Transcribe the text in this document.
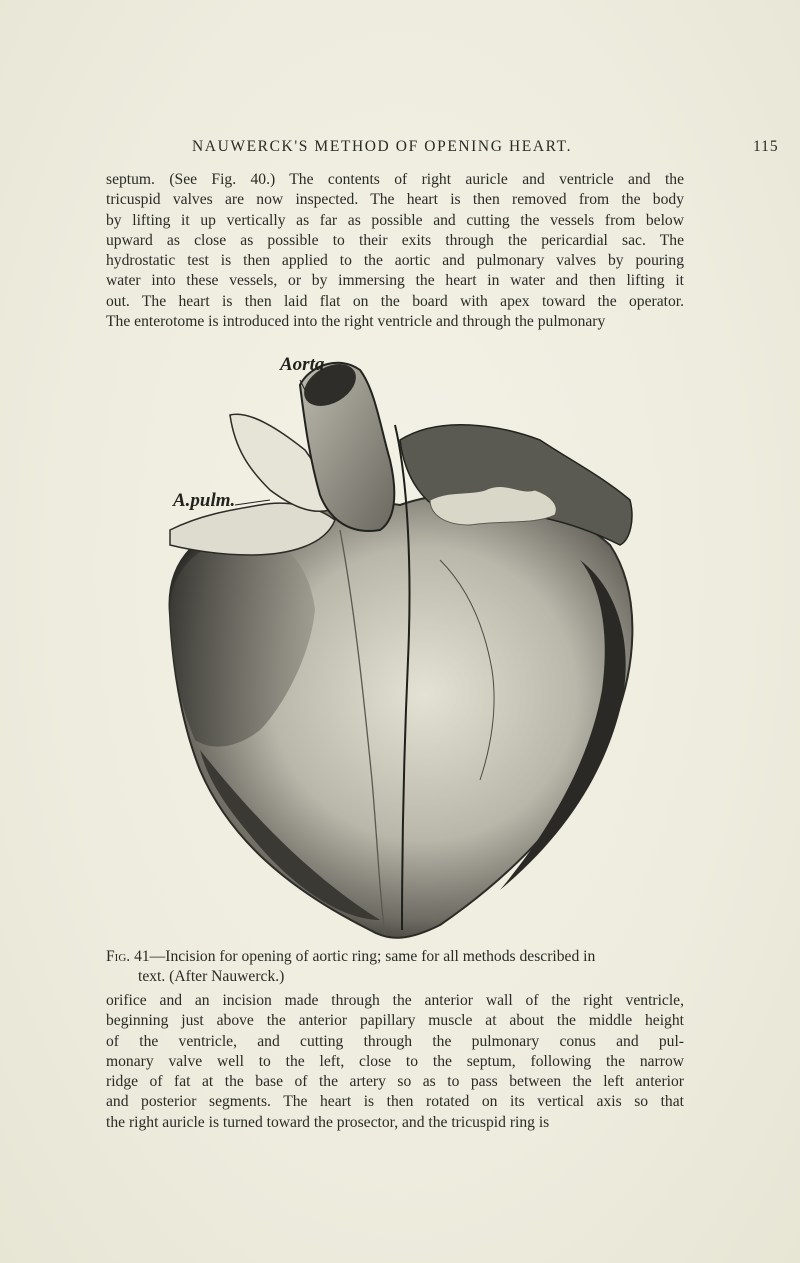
NAUWERCK'S METHOD OF OPENING HEART.	115
septum. (See Fig. 40.) The contents of right auricle and ventricle and the
tricuspid valves are now inspected. The heart is then removed from the body
by lifting it up vertically as far as possible and cutting the vessels from below
upward as close as possible to their exits through the pericardial sac. The
hydrostatic test is then applied to the aortic and pulmonary valves by pouring
water into these vessels, or by immersing the heart in water and then lifting it
out. The heart is then laid flat on the board with apex toward the operator.
The enterotome is introduced into the right ventricle and through the pulmonary
Aorta
A.pulm.
Fig. 41—Incision for opening of aortic ring; same for all methods described in
text. (After Nauwerck.)
orifice and an incision made through the anterior wall of the right ventricle,
beginning just above the anterior papillary muscle at about the middle height
of the ventricle, and cutting through the pulmonary conus and pul-
monary valve well to the left, close to the septum, following the narrow
ridge of fat at the base of the artery so as to pass between the left anterior
and posterior segments. The heart is then rotated on its vertical axis so that
the right auricle is turned toward the prosector, and the tricuspid ring is
